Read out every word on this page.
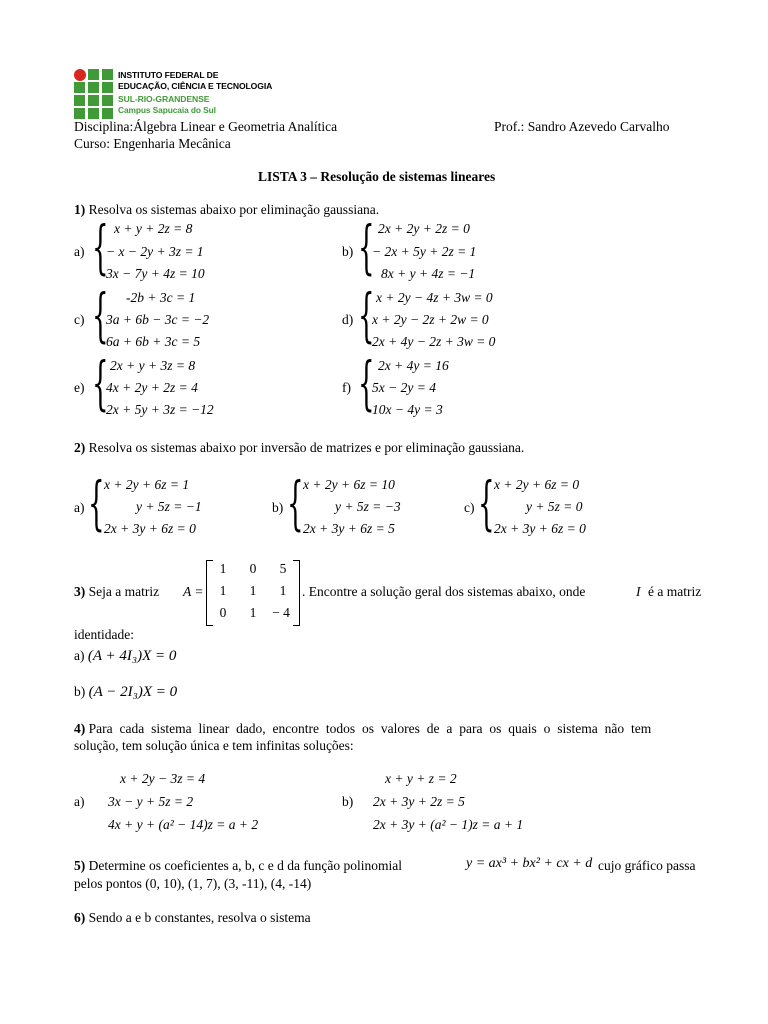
INSTITUTO FEDERAL DE
EDUCAÇÃO, CIÊNCIA E TECNOLOGIA
SUL-RIO-GRANDENSE
Campus Sapucaia do Sul
Disciplina:Álgebra Linear e Geometria Analítica	Prof.: Sandro Azevedo Carvalho
Curso: Engenharia Mecânica
LISTA 3 – Resolução de sistemas lineares
1) Resolva os sistemas abaixo por eliminação gaussiana.
a) { x + y + 2z = 8
− x − 2y + 3z = 1
3x − 7y + 4z = 10
b) { 2x + 2y + 2z = 0
− 2x + 5y + 2z = 1
8x + y + 4z = −1
c) { -2b + 3c = 1
3a + 6b − 3c = −2
6a + 6b + 3c = 5
d) { x + 2y − 4z + 3w = 0
x + 2y − 2z + 2w = 0
2x + 4y − 2z + 3w = 0
e) { 2x + y + 3z = 8
4x + 2y + 2z = 4
2x + 5y + 3z = −12
f) { 2x + 4y = 16
5x − 2y = 4
10x − 4y = 3
2) Resolva os sistemas abaixo por inversão de matrizes e por eliminação gaussiana.
a) { x + 2y + 6z = 1
y + 5z = −1
2x + 3y + 6z = 0
b) { x + 2y + 6z = 10
y + 5z = −3
2x + 3y + 6z = 5
c) { x + 2y + 6z = 0
y + 5z = 0
2x + 3y + 6z = 0
3) Seja a matriz A =
1	0	5
1	1	1
0	1	− 4
. Encontre a solução geral dos sistemas abaixo, onde	I é a matriz
identidade:
a) (A + 4I₃)X = 0
b) (A − 2I₃)X = 0
4) Para cada sistema linear dado, encontre todos os valores de a para os quais o sistema não tem
solução, tem solução única e tem infinitas soluções:
a)
x + 2y − 3z = 4
3x − y + 5z = 2
4x + y + (a² − 14)z = a + 2
b)
x + y + z = 2
2x + 3y + 2z = 5
2x + 3y + (a² − 1)z = a + 1
5) Determine os coeficientes a, b, c e d da função polinomial	y = ax³ + bx² + cx + d cujo gráfico passa
pelos pontos (0, 10), (1, 7), (3, -11), (4, -14)
6) Sendo a e b constantes, resolva o sistema
